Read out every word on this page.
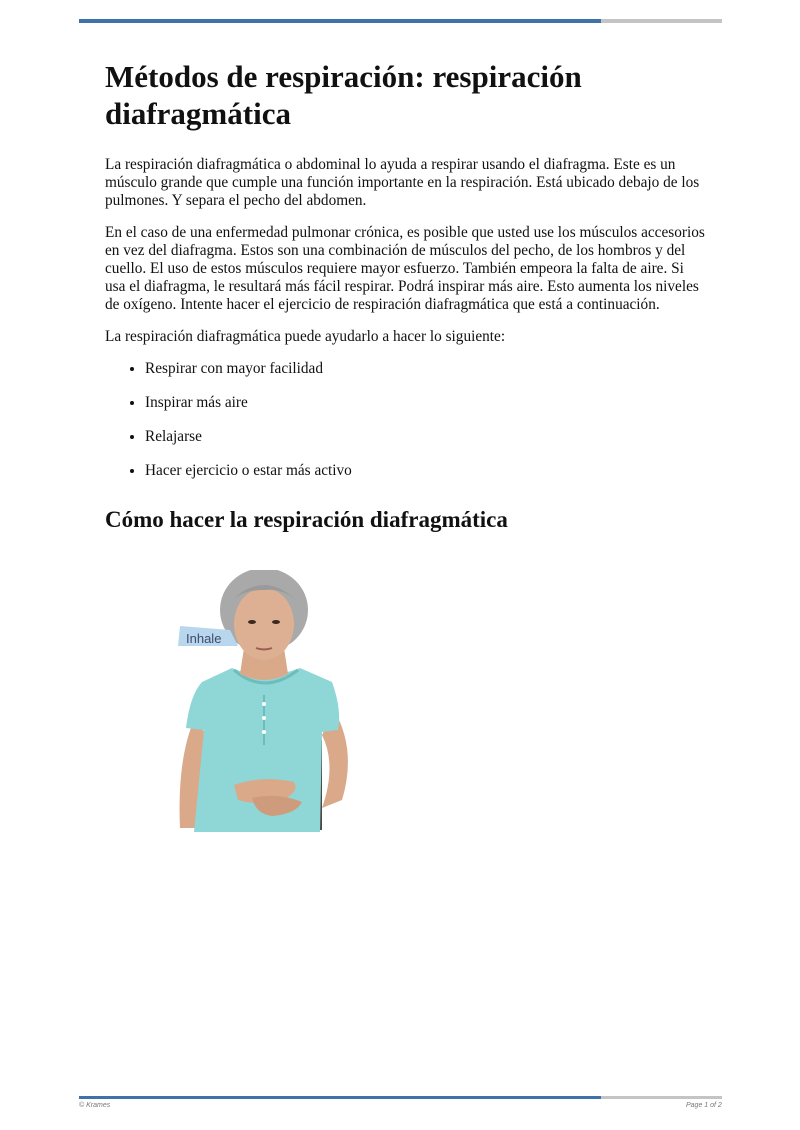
Métodos de respiración: respiración diafragmática

La respiración diafragmática o abdominal lo ayuda a respirar usando el diafragma. Este es un músculo grande que cumple una función importante en la respiración. Está ubicado debajo de los pulmones. Y separa el pecho del abdomen.

En el caso de una enfermedad pulmonar crónica, es posible que usted use los músculos accesorios en vez del diafragma. Estos son una combinación de músculos del pecho, de los hombros y del cuello. El uso de estos músculos requiere mayor esfuerzo. También empeora la falta de aire. Si usa el diafragma, le resultará más fácil respirar. Podrá inspirar más aire. Esto aumenta los niveles de oxígeno. Intente hacer el ejercicio de respiración diafragmática que está a continuación.

La respiración diafragmática puede ayudarlo a hacer lo siguiente:

• Respirar con mayor facilidad
• Inspirar más aire
• Relajarse
• Hacer ejercicio o estar más activo
Cómo hacer la respiración diafragmática
Inhale
© Krames	Page 1 of 2
